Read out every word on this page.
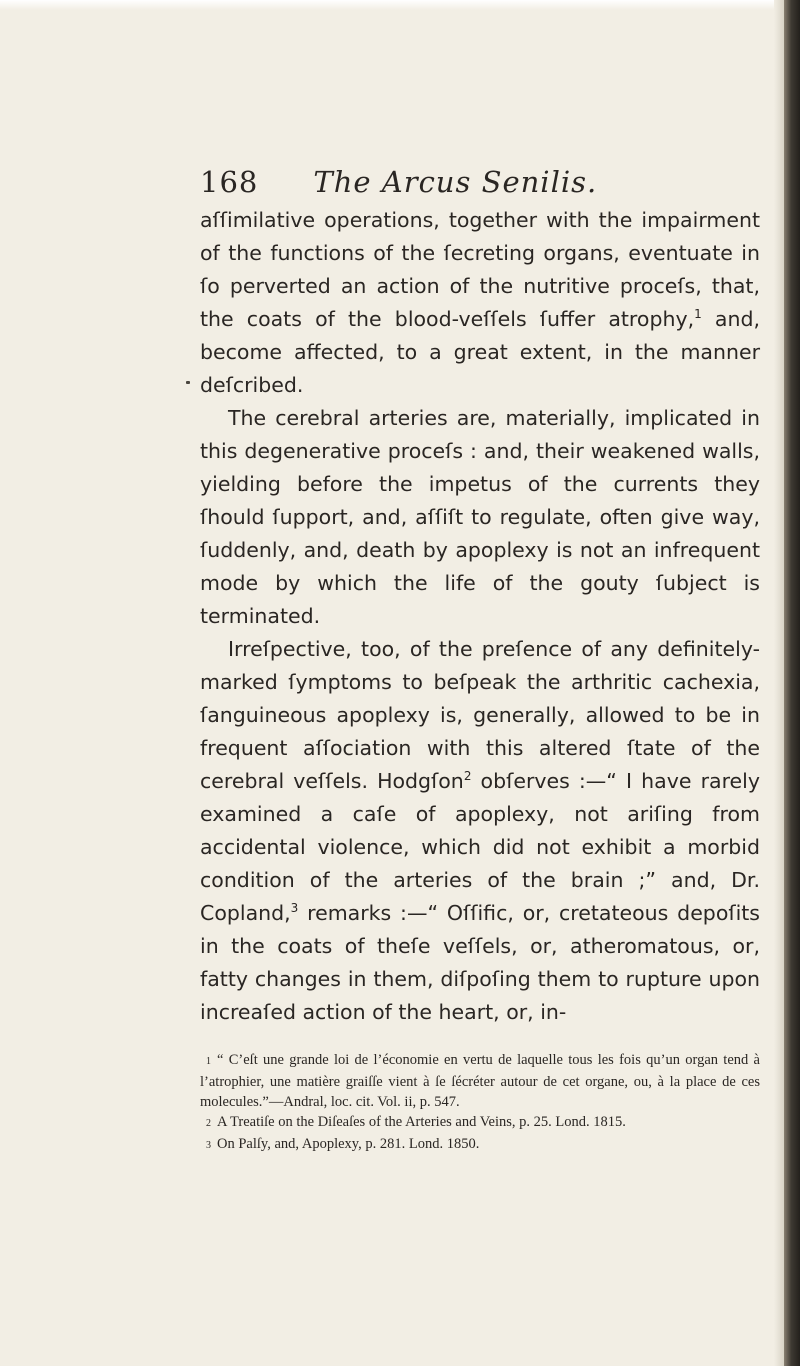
168 The Arcus Senilis.

aſſimilative operations, together with the impairment of the functions of the ſecreting organs, eventuate in ſo perverted an action of the nutritive proceſs, that, the coats of the blood-veſſels ſuffer atrophy,$^1$ and, become affected, to a great extent, in the manner deſcribed.

The cerebral arteries are, materially, implicated in this degenerative proceſs : and, their weakened walls, yielding before the impetus of the currents they ſhould ſupport, and, aſſiſt to regulate, often give way, ſuddenly, and, death by apoplexy is not an infrequent mode by which the life of the gouty ſubject is terminated.

Irreſpective, too, of the preſence of any definitely-marked ſymptoms to beſpeak the arthritic cachexia, ſanguineous apoplexy is, generally, allowed to be in frequent aſſociation with this altered ſtate of the cerebral veſſels. Hodgſon$^2$ obſerves :—“ I have rarely examined a caſe of apoplexy, not ariſing from accidental violence, which did not exhibit a morbid condition of the arteries of the brain ;” and, Dr. Copland,$^3$ remarks :—“ Oſſific, or, cretateous depoſits in the coats of theſe veſſels, or, atheromatous, or, fatty changes in them, diſpoſing them to rupture upon increaſed action of the heart, or, in-

1 “ C’eſt une grande loi de l’économie en vertu de laquelle tous les fois qu’un organ tend à l’atrophier, une matière graiſſe vient à ſe ſécréter autour de cet organe, ou, à la place de ces molecules.”—Andral, loc. cit. Vol. ii, p. 547.

2 A Treatiſe on the Diſeaſes of the Arteries and Veins, p. 25. Lond. 1815.

3 On Palſy, and, Apoplexy, p. 281. Lond. 1850.
